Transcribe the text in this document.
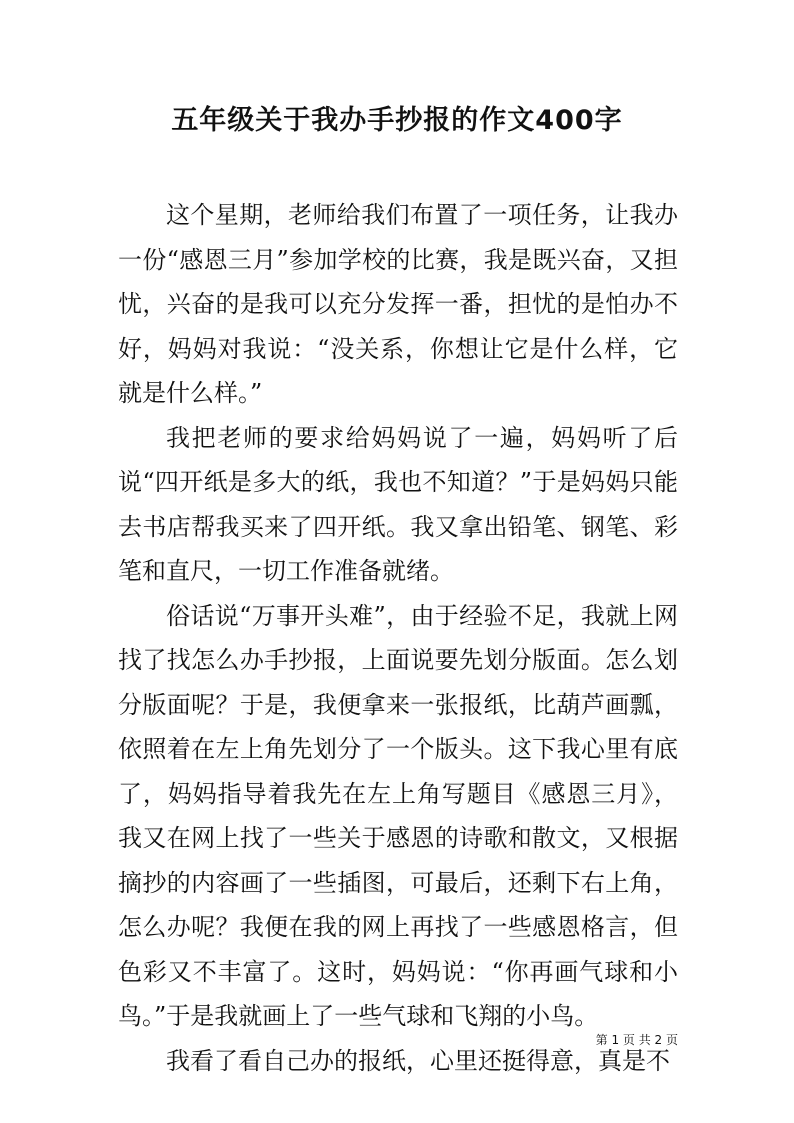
五年级关于我办手抄报的作文400字

这个星期，老师给我们布置了一项任务，让我办一份“感恩三月”参加学校的比赛，我是既兴奋，又担忧，兴奋的是我可以充分发挥一番，担忧的是怕办不好，妈妈对我说：“没关系，你想让它是什么样，它就是什么样。”

我把老师的要求给妈妈说了一遍，妈妈听了后说“四开纸是多大的纸，我也不知道？”于是妈妈只能去书店帮我买来了四开纸。我又拿出铅笔、钢笔、彩笔和直尺，一切工作准备就绪。

俗话说“万事开头难”，由于经验不足，我就上网找了找怎么办手抄报，上面说要先划分版面。怎么划分版面呢？于是，我便拿来一张报纸，比葫芦画瓢，依照着在左上角先划分了一个版头。这下我心里有底了，妈妈指导着我先在左上角写题目《感恩三月》，我又在网上找了一些关于感恩的诗歌和散文，又根据摘抄的内容画了一些插图，可最后，还剩下右上角，怎么办呢？我便在我的网上再找了一些感恩格言，但色彩又不丰富了。这时，妈妈说：“你再画气球和小鸟。”于是我就画上了一些气球和飞翔的小鸟。

我看了看自己办的报纸，心里还挺得意，真是不

第 1 页 共 2 页
